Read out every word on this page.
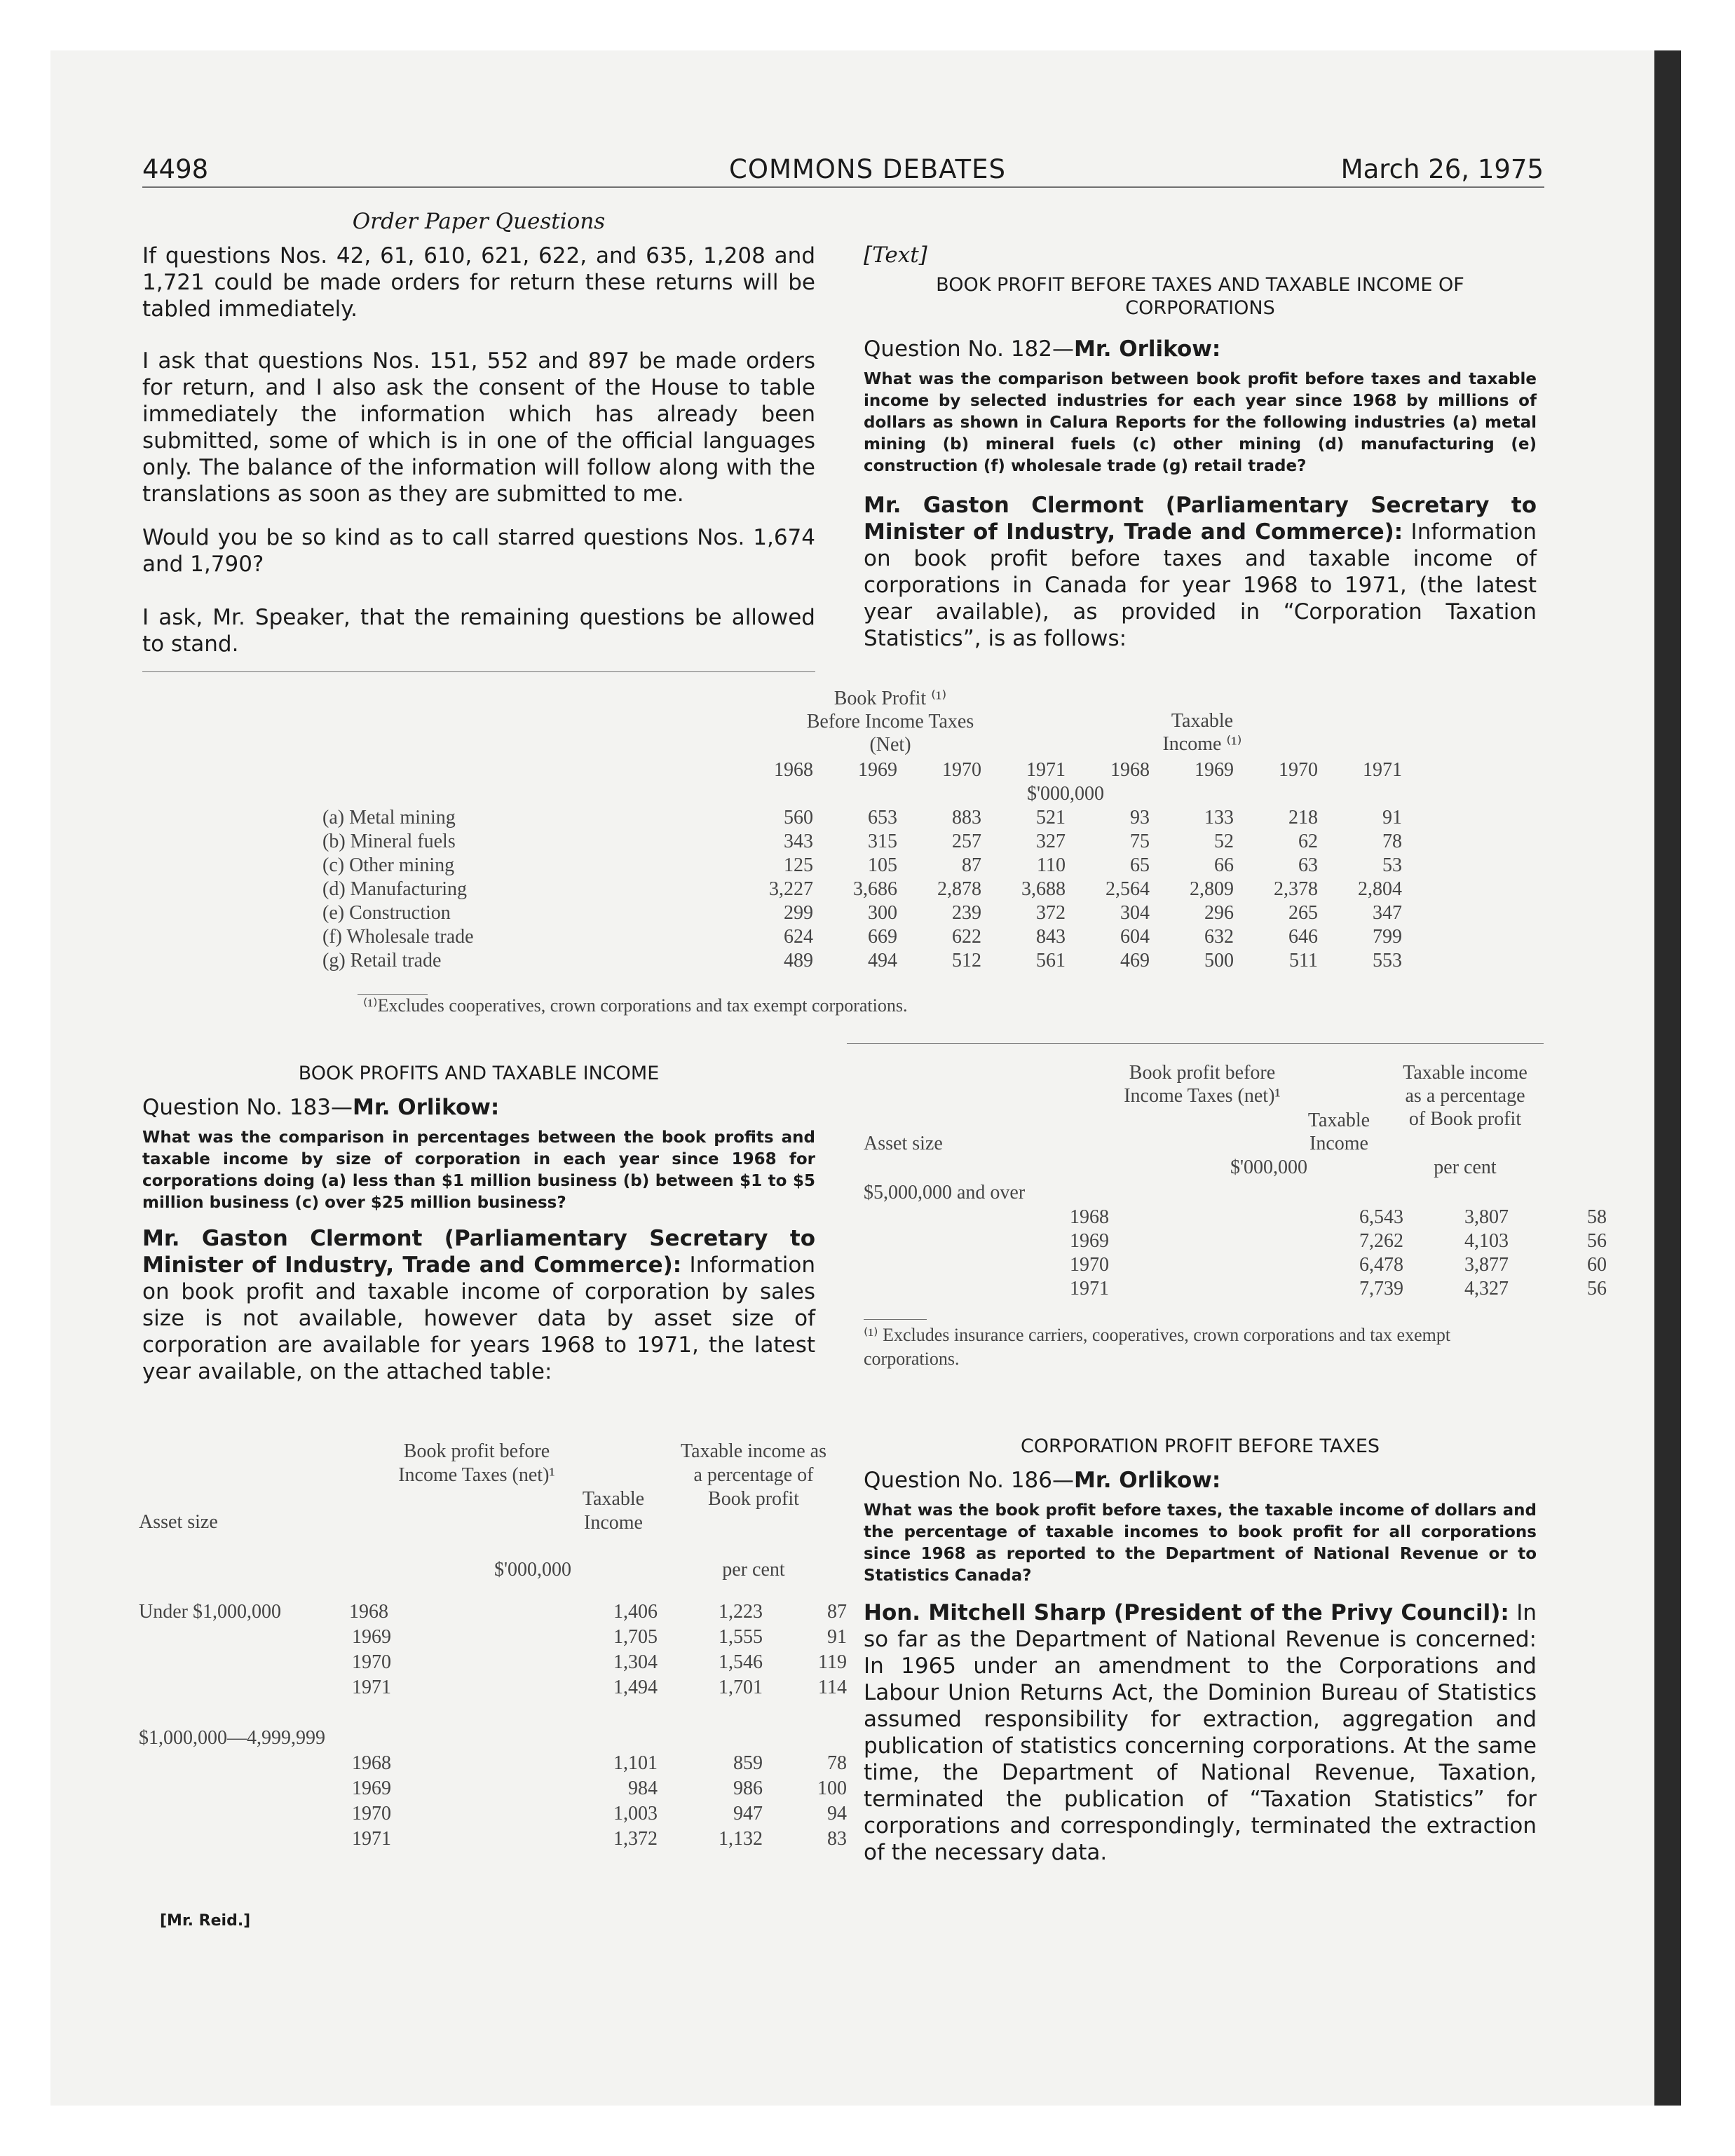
4498	COMMONS DEBATES	March 26, 1975
Order Paper Questions
If questions Nos. 42, 61, 610, 621, 622, and 635, 1,208 and 1,721 could be made orders for return these returns will be tabled immediately.
I ask that questions Nos. 151, 552 and 897 be made orders for return, and I also ask the consent of the House to table immediately the information which has already been submitted, some of which is in one of the official languages only. The balance of the information will follow along with the translations as soon as they are submitted to me.
Would you be so kind as to call starred questions Nos. 1,674 and 1,790?
I ask, Mr. Speaker, that the remaining questions be allowed to stand.
[Text]
BOOK PROFIT BEFORE TAXES AND TAXABLE INCOME OF CORPORATIONS
Question No. 182—Mr. Orlikow:
What was the comparison between book profit before taxes and taxable income by selected industries for each year since 1968 by millions of dollars as shown in Calura Reports for the following industries (a) metal mining (b) mineral fuels (c) other mining (d) manufacturing (e) construction (f) wholesale trade (g) retail trade?
Mr. Gaston Clermont (Parliamentary Secretary to Minister of Industry, Trade and Commerce): Information on book profit before taxes and taxable income of corporations in Canada for year 1968 to 1971, (the latest year available), as provided in “Corporation Taxation Statistics”, is as follows:
Book Profit ⁽¹⁾ Before Income Taxes (Net)
Taxable Income ⁽¹⁾
	1968	1969	1970	1971	1968	1969	1970	1971
				$'000,000				
(a) Metal mining	560	653	883	521	93	133	218	91
(b) Mineral fuels	343	315	257	327	75	52	62	78
(c) Other mining	125	105	87	110	65	66	63	53
(d) Manufacturing	3,227	3,686	2,878	3,688	2,564	2,809	2,378	2,804
(e) Construction	299	300	239	372	304	296	265	347
(f) Wholesale trade	624	669	622	843	604	632	646	799
(g) Retail trade	489	494	512	561	469	500	511	553
⁽¹⁾Excludes cooperatives, crown corporations and tax exempt corporations.
BOOK PROFITS AND TAXABLE INCOME
Question No. 183—Mr. Orlikow:
What was the comparison in percentages between the book profits and taxable income by size of corporation in each year since 1968 for corporations doing (a) less than $1 million business (b) between $1 to $5 million business (c) over $25 million business?
Mr. Gaston Clermont (Parliamentary Secretary to Minister of Industry, Trade and Commerce): Information on book profit and taxable income of corporation by sales size is not available, however data by asset size of corporation are available for years 1968 to 1971, the latest year available, on the attached table:
Book profit before Income Taxes (net)¹
Taxable Income
Taxable income as a percentage of Book profit
Asset size
$'000,000	per cent
$5,000,000 and over
1968	6,543	3,807	58
1969	7,262	4,103	56
1970	6,478	3,877	60
1971	7,739	4,327	56
⁽¹⁾ Excludes insurance carriers, cooperatives, crown corporations and tax exempt corporations.
Book profit before Income Taxes (net)¹
Taxable Income
Taxable income as a percentage of Book profit
Asset size
$'000,000	per cent
Under $1,000,000	1968	1,406	1,223	87
	1969	1,705	1,555	91
	1970	1,304	1,546	119
	1971	1,494	1,701	114

$1,000,000—4,999,999				
	1968	1,101	859	78
	1969	984	986	100
	1970	1,003	947	94
	1971	1,372	1,132	83
[Mr. Reid.]
CORPORATION PROFIT BEFORE TAXES
Question No. 186—Mr. Orlikow:
What was the book profit before taxes, the taxable income of dollars and the percentage of taxable incomes to book profit for all corporations since 1968 as reported to the Department of National Revenue or to Statistics Canada?
Hon. Mitchell Sharp (President of the Privy Council): In so far as the Department of National Revenue is concerned: In 1965 under an amendment to the Corporations and Labour Union Returns Act, the Dominion Bureau of Statistics assumed responsibility for extraction, aggregation and publication of statistics concerning corporations. At the same time, the Department of National Revenue, Taxation, terminated the publication of “Taxation Statistics” for corporations and correspondingly, terminated the extraction of the necessary data.
